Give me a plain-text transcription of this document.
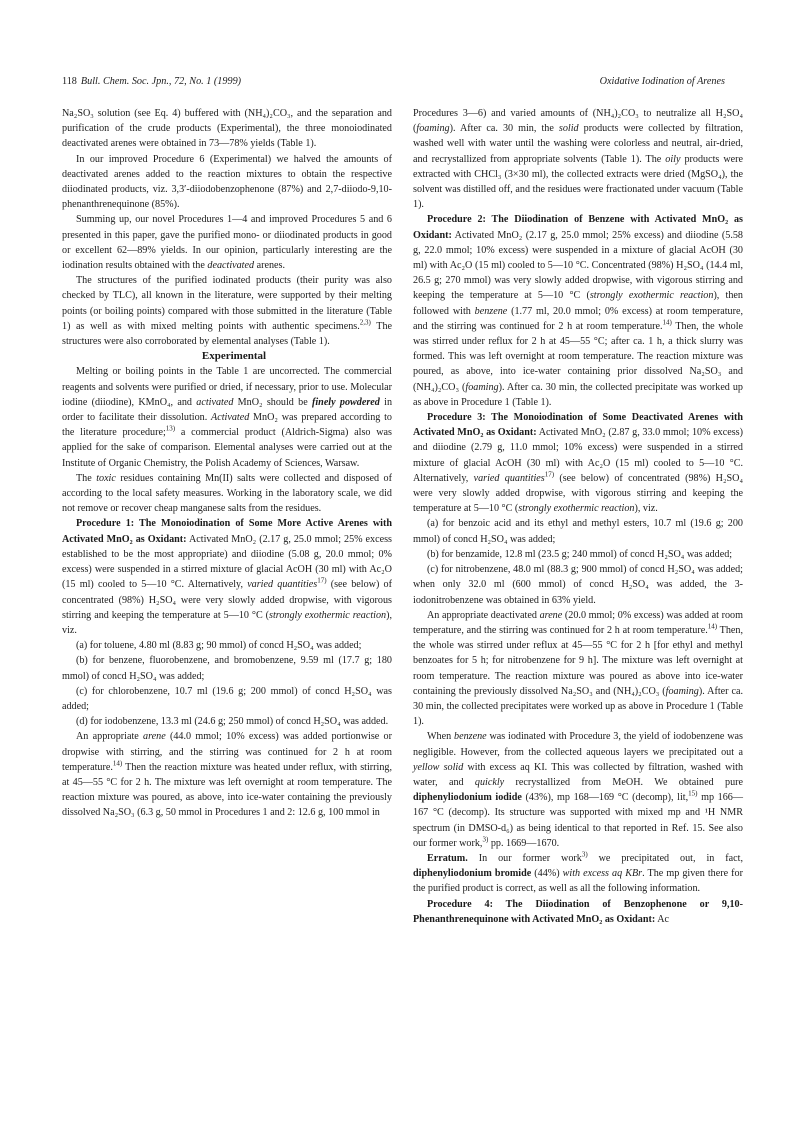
118 Bull. Chem. Soc. Jpn., 72, No. 1 (1999)	Oxidative Iodination of Arenes

Na₂SO₃ solution (see Eq. 4) buffered with (NH₄)₂CO₃, and the separation and purification of the crude products (Experimental), the three monoiodinated deactivated arenes were obtained in 73—78% yields (Table 1).

In our improved Procedure 6 (Experimental) we halved the amounts of deactivated arenes added to the reaction mixtures to obtain the respective diiodinated products, viz. 3,3′-diiodobenzophenone (87%) and 2,7-diiodo-9,10-phenanthrenequinone (85%).

Summing up, our novel Procedures 1—4 and improved Procedures 5 and 6 presented in this paper, gave the purified mono- or diiodinated products in good or excellent 62—89% yields. In our opinion, particularly interesting are the iodination results obtained with the deactivated arenes.

The structures of the purified iodinated products (their purity was also checked by TLC), all known in the literature, were supported by their melting points (or boiling points) compared with those submitted in the literature (Table 1) as well as with mixed melting points with authentic specimens.$^{2,3)}$ The structures were also corroborated by elemental analyses (Table 1).

Experimental

Melting or boiling points in the Table 1 are uncorrected. The commercial reagents and solvents were purified or dried, if necessary, prior to use. Molecular iodine (diiodine), KMnO₄, and activated MnO₂ should be finely powdered in order to facilitate their dissolution. Activated MnO₂ was prepared according to the literature procedure;$^{13)}$ a commercial product (Aldrich-Sigma) also was applied for the sake of comparison. Elemental analyses were carried out at the Institute of Organic Chemistry, the Polish Academy of Sciences, Warsaw.

The toxic residues containing Mn(II) salts were collected and disposed of according to the local safety measures. Working in the laboratory scale, we did not remove or recover cheap manganese salts from the residues.

Procedure 1: The Monoiodination of Some More Active Arenes with Activated MnO₂ as Oxidant: Activated MnO₂ (2.17 g, 25.0 mmol; 25% excess established to be the most appropriate) and diiodine (5.08 g, 20.0 mmol; 0% excess) were suspended in a stirred mixture of glacial AcOH (30 ml) with Ac₂O (15 ml) cooled to 5—10 °C. Alternatively, varied quantities$^{17)}$ (see below) of concentrated (98%) H₂SO₄ were very slowly added dropwise, with vigorous stirring and keeping the temperature at 5—10 °C (strongly exothermic reaction), viz.

(a) for toluene, 4.80 ml (8.83 g; 90 mmol) of concd H₂SO₄ was added;

(b) for benzene, fluorobenzene, and bromobenzene, 9.59 ml (17.7 g; 180 mmol) of concd H₂SO₄ was added;

(c) for chlorobenzene, 10.7 ml (19.6 g; 200 mmol) of concd H₂SO₄ was added;

(d) for iodobenzene, 13.3 ml (24.6 g; 250 mmol) of concd H₂SO₄ was added.

An appropriate arene (44.0 mmol; 10% excess) was added portionwise or dropwise with stirring, and the stirring was continued for 2 h at room temperature.$^{14)}$ Then the reaction mixture was heated under reflux, with stirring, at 45—55 °C for 2 h. The mixture was left overnight at room temperature. The reaction mixture was poured, as above, into ice-water containing the previously dissolved Na₂SO₃ (6.3 g, 50 mmol in Procedures 1 and 2: 12.6 g, 100 mmol in

Procedures 3—6) and varied amounts of (NH₄)₂CO₃ to neutralize all H₂SO₄ (foaming). After ca. 30 min, the solid products were collected by filtration, washed well with water until the washing were colorless and neutral, air-dried, and recrystallized from appropriate solvents (Table 1). The oily products were extracted with CHCl₃ (3×30 ml), the collected extracts were dried (MgSO₄), the solvent was distilled off, and the residues were fractionated under vacuum (Table 1).

Procedure 2: The Diiodination of Benzene with Activated MnO₂ as Oxidant: Activated MnO₂ (2.17 g, 25.0 mmol; 25% excess) and diiodine (5.58 g, 22.0 mmol; 10% excess) were suspended in a mixture of glacial AcOH (30 ml) with Ac₂O (15 ml) cooled to 5—10 °C. Concentrated (98%) H₂SO₄ (14.4 ml, 26.5 g; 270 mmol) was very slowly added dropwise, with vigorous stirring and keeping the temperature at 5—10 °C (strongly exothermic reaction), then followed with benzene (1.77 ml, 20.0 mmol; 0% excess) at room temperature, and the stirring was continued for 2 h at room temperature.$^{14)}$ Then, the whole was stirred under reflux for 2 h at 45—55 °C; after ca. 1 h, a thick slurry was formed. This was left overnight at room temperature. The reaction mixture was poured, as above, into ice-water containing prior dissolved Na₂SO₃ and (NH₄)₂CO₃ (foaming). After ca. 30 min, the collected precipitate was worked up as above in Procedure 1 (Table 1).

Procedure 3: The Monoiodination of Some Deactivated Arenes with Activated MnO₂ as Oxidant: Activated MnO₂ (2.87 g, 33.0 mmol; 10% excess) and diiodine (2.79 g, 11.0 mmol; 10% excess) were suspended in a stirred mixture of glacial AcOH (30 ml) with Ac₂O (15 ml) cooled to 5—10 °C. Alternatively, varied quantities$^{17)}$ (see below) of concentrated (98%) H₂SO₄ were very slowly added dropwise, with vigorous stirring and keeping the temperature at 5—10 °C (strongly exothermic reaction), viz.

(a) for benzoic acid and its ethyl and methyl esters, 10.7 ml (19.6 g; 200 mmol) of concd H₂SO₄ was added;

(b) for benzamide, 12.8 ml (23.5 g; 240 mmol) of concd H₂SO₄ was added;

(c) for nitrobenzene, 48.0 ml (88.3 g; 900 mmol) of concd H₂SO₄ was added; when only 32.0 ml (600 mmol) of concd H₂SO₄ was added, the 3-iodonitrobenzene was obtained in 63% yield.

An appropriate deactivated arene (20.0 mmol; 0% excess) was added at room temperature, and the stirring was continued for 2 h at room temperature.$^{14)}$ Then, the whole was stirred under reflux at 45—55 °C for 2 h [for ethyl and methyl benzoates for 5 h; for nitrobenzene for 9 h]. The mixture was left overnight at room temperature. The reaction mixture was poured as above into ice-water containing the previously dissolved Na₂SO₃ and (NH₄)₂CO₃ (foaming). After ca. 30 min, the collected precipitates were worked up as above in Procedure 1 (Table 1).

When benzene was iodinated with Procedure 3, the yield of iodobenzene was negligible. However, from the collected aqueous layers we precipitated out a yellow solid with excess aq KI. This was collected by filtration, washed with water, and quickly recrystallized from MeOH. We obtained pure diphenyliodonium iodide (43%), mp 168—169 °C (decomp), lit,$^{15)}$ mp 166—167 °C (decomp). Its structure was supported with mixed mp and ¹H NMR spectrum (in DMSO-d₆) as being identical to that reported in Ref. 15. See also our former work,$^{3)}$ pp. 1669—1670.

Erratum. In our former work$^{3)}$ we precipitated out, in fact, diphenyliodonium bromide (44%) with excess aq KBr. The mp given there for the purified product is correct, as well as all the following information.

Procedure 4: The Diiodination of Benzophenone or 9,10-Phenanthrenequinone with Activated MnO₂ as Oxidant: Ac
